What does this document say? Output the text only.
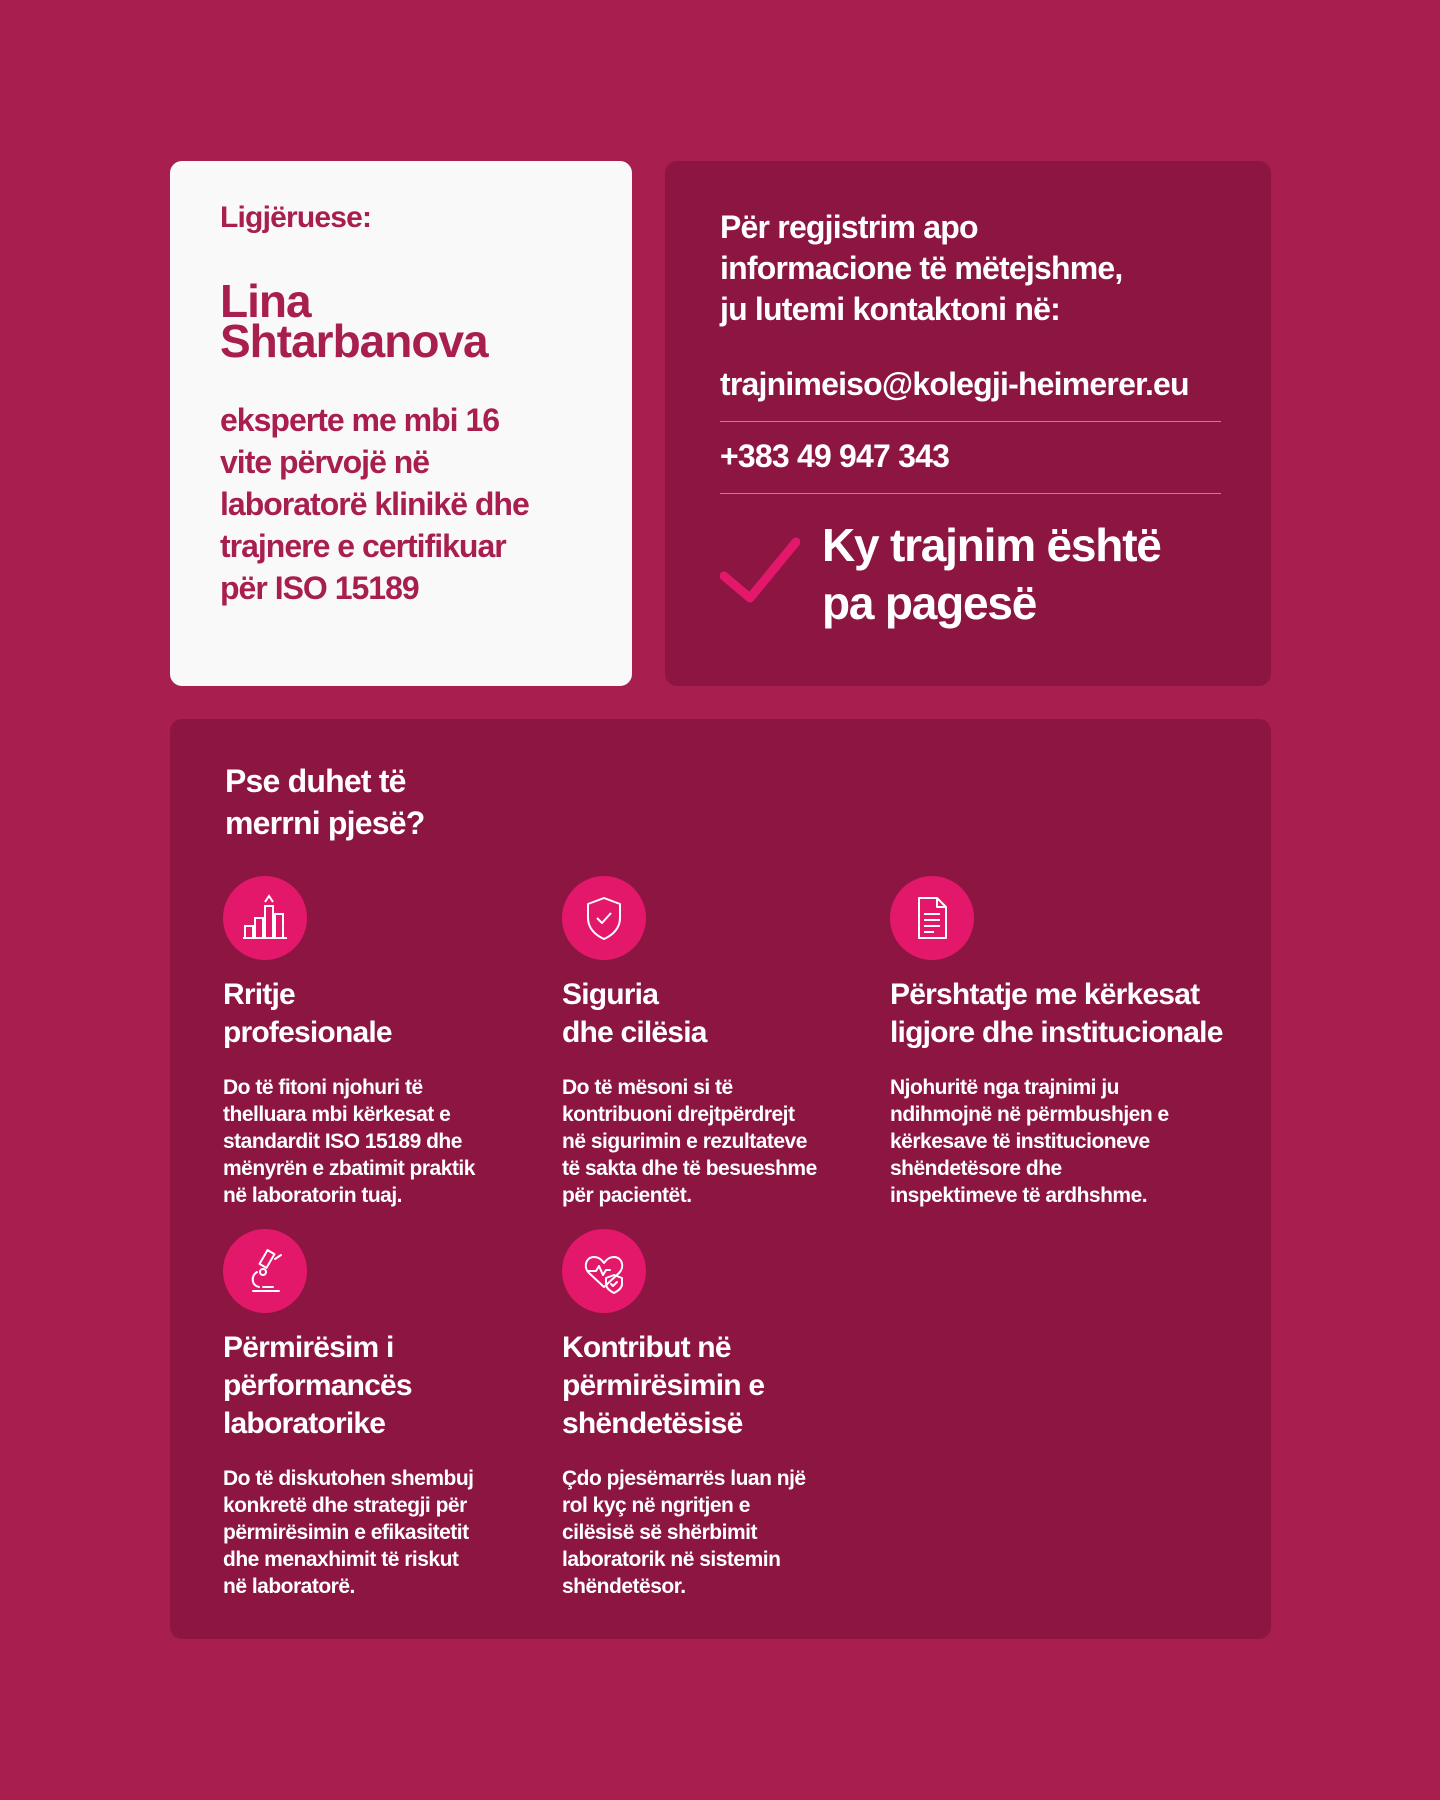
Ligjëruese:

Lina
Shtarbanova

eksperte me mbi 16
vite përvojë në
laboratorë klinikë dhe
trajnere e certifikuar
për ISO 15189

Për regjistrim apo
informacione të mëtejshme,
ju lutemi kontaktoni në:

trajnimeiso@kolegji-heimerer.eu

+383 49 947 343

Ky trajnim është
pa pagesë
Pse duhet të
merrni pjesë?
Rritje
profesionale

Do të fitoni njohuri të
thelluara mbi kërkesat e
standardit ISO 15189 dhe
mënyrën e zbatimit praktik
në laboratorin tuaj.

Siguria
dhe cilësia

Do të mësoni si të
kontribuoni drejtpërdrejt
në sigurimin e rezultateve
të sakta dhe të besueshme
për pacientët.

Përshtatje me kërkesat
ligjore dhe institucionale

Njohuritë nga trajnimi ju
ndihmojnë në përmbushjen e
kërkesave të institucioneve
shëndetësore dhe
inspektimeve të ardhshme.

Përmirësim i
përformancës
laboratorike

Do të diskutohen shembuj
konkretë dhe strategji për
përmirësimin e efikasitetit
dhe menaxhimit të riskut
në laboratorë.

Kontribut në
përmirësimin e
shëndetësisë

Çdo pjesëmarrës luan një
rol kyç në ngritjen e
cilësisë së shërbimit
laboratorik në sistemin
shëndetësor.
